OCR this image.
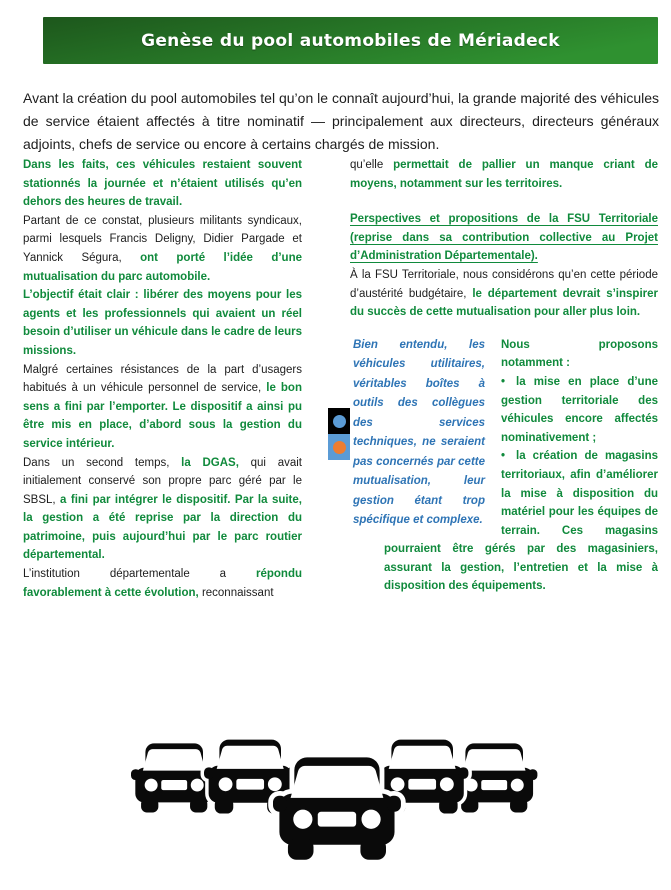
Genèse du pool automobiles de Mériadeck

Avant la création du pool automobiles tel qu’on le connaît aujourd’hui, la grande majorité des véhicules de service étaient affectés à titre nominatif — principalement aux directeurs, directeurs généraux adjoints, chefs de service ou encore à certains chargés de mission.

Dans les faits, ces véhicules restaient souvent stationnés la journée et n’étaient utilisés qu’en dehors des heures de travail.

Partant de ce constat, plusieurs militants syndicaux, parmi lesquels Francis Deligny, Didier Pargade et Yannick Ségura, ont porté l’idée d’une mutualisation du parc automobile.

L’objectif était clair : libérer des moyens pour les agents et les professionnels qui avaient un réel besoin d’utiliser un véhicule dans le cadre de leurs missions.

Malgré certaines résistances de la part d’usagers habitués à un véhicule personnel de service, le bon sens a fini par l’emporter. Le dispositif a ainsi pu être mis en place, d’abord sous la gestion du service intérieur.

Dans un second temps, la DGAS, qui avait initialement conservé son propre parc géré par le SBSL, a fini par intégrer le dispositif. Par la suite, la gestion a été reprise par la direction du patrimoine, puis aujourd’hui par le parc routier départemental.

L’institution départementale a répondu favorablement à cette évolution, reconnaissant

qu’elle permettait de pallier un manque criant de moyens, notamment sur les territoires.

Perspectives et propositions de la FSU Territoriale (reprise dans sa contribution collective au Projet d’Administration Départementale).

À la FSU Territoriale, nous considérons qu’en cette période d’austérité budgétaire, le département devrait s’inspirer du succès de cette mutualisation pour aller plus loin.

Bien entendu, les véhicules utilitaires, véritables boîtes à outils des collègues des services techniques, ne seraient pas concernés par cette mutualisation, leur gestion étant trop spécifique et complexe.
Nous	proposons

notamment :

• la mise en place d’une gestion territoriale des véhicules encore affectés nominativement ;

• la création de magasins territoriaux, afin d’améliorer la mise à disposition du matériel pour les équipes de terrain. Ces magasins pourraient être gérés par des magasiniers, assurant la gestion, l’entretien et la mise à disposition des équipements.
